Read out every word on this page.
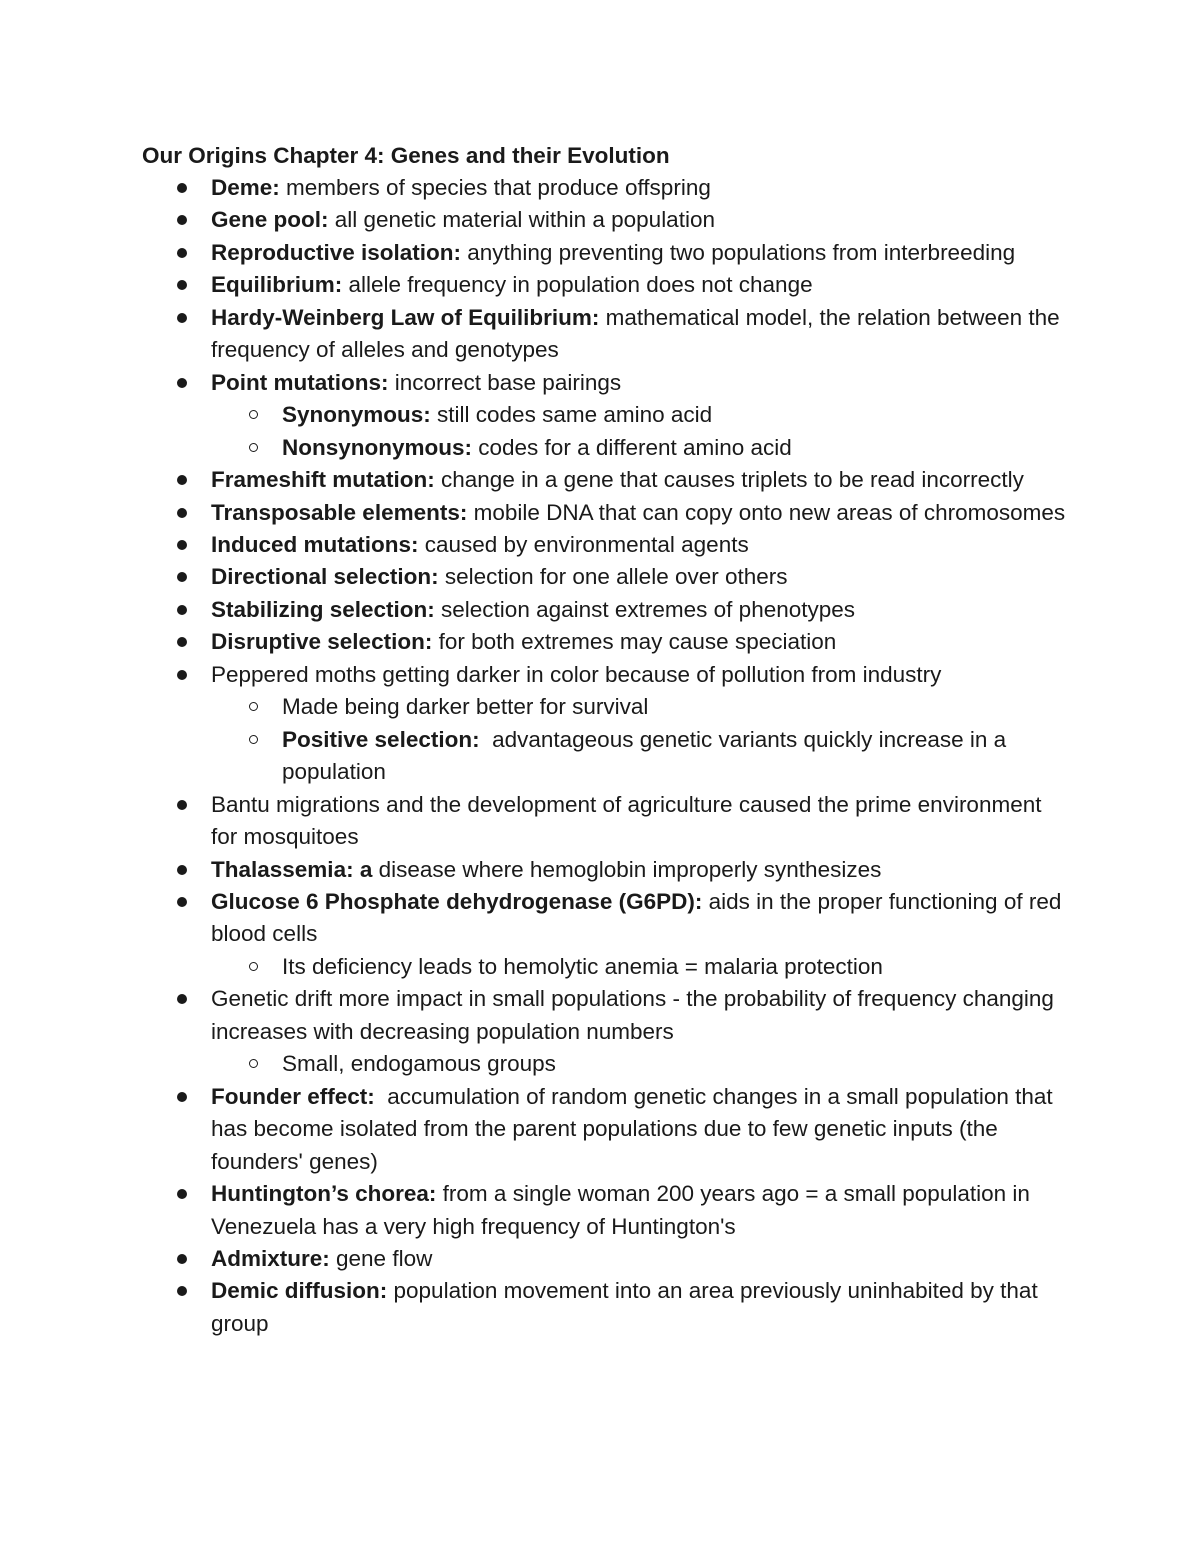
Our Origins Chapter 4: Genes and their Evolution
Deme: members of species that produce offspring
Gene pool: all genetic material within a population
Reproductive isolation: anything preventing two populations from interbreeding
Equilibrium: allele frequency in population does not change
Hardy-Weinberg Law of Equilibrium: mathematical model, the relation between the frequency of alleles and genotypes
Point mutations: incorrect base pairings
Synonymous: still codes same amino acid
Nonsynonymous: codes for a different amino acid
Frameshift mutation: change in a gene that causes triplets to be read incorrectly
Transposable elements: mobile DNA that can copy onto new areas of chromosomes
Induced mutations: caused by environmental agents
Directional selection: selection for one allele over others
Stabilizing selection: selection against extremes of phenotypes
Disruptive selection: for both extremes may cause speciation
Peppered moths getting darker in color because of pollution from industry
Made being darker better for survival
Positive selection:  advantageous genetic variants quickly increase in a population
Bantu migrations and the development of agriculture caused the prime environment for mosquitoes
Thalassemia: a disease where hemoglobin improperly synthesizes
Glucose 6 Phosphate dehydrogenase (G6PD): aids in the proper functioning of red blood cells
Its deficiency leads to hemolytic anemia = malaria protection
Genetic drift more impact in small populations - the probability of frequency changing increases with decreasing population numbers
Small, endogamous groups
Founder effect:  accumulation of random genetic changes in a small population that has become isolated from the parent populations due to few genetic inputs (the founders' genes)
Huntington’s chorea: from a single woman 200 years ago = a small population in Venezuela has a very high frequency of Huntington's
Admixture: gene flow
Demic diffusion: population movement into an area previously uninhabited by that group
